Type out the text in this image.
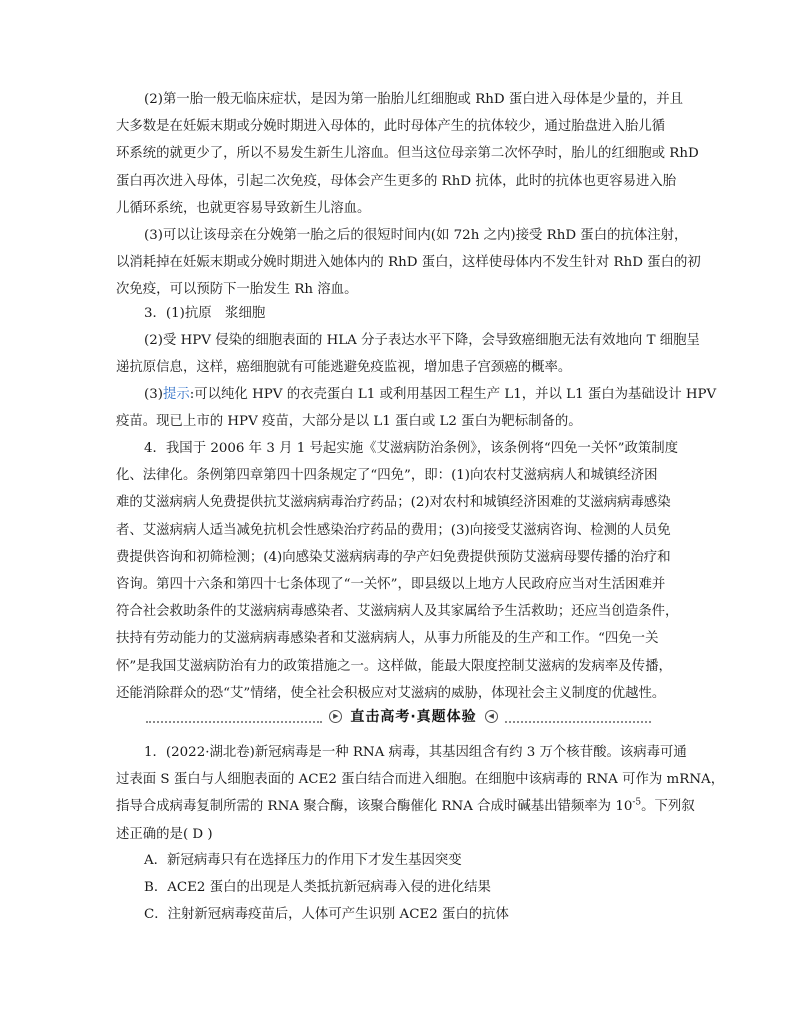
(2)第一胎一般无临床症状，是因为第一胎胎儿红细胞或 RhD 蛋白进入母体是少量的，并且
大多数是在妊娠末期或分娩时期进入母体的，此时母体产生的抗体较少，通过胎盘进入胎儿循
环系统的就更少了，所以不易发生新生儿溶血。但当这位母亲第二次怀孕时，胎儿的红细胞或 RhD
蛋白再次进入母体，引起二次免疫，母体会产生更多的 RhD 抗体，此时的抗体也更容易进入胎
儿循环系统，也就更容易导致新生儿溶血。

(3)可以让该母亲在分娩第一胎之后的很短时间内(如 72h 之内)接受 RhD 蛋白的抗体注射，
以消耗掉在妊娠末期或分娩时期进入她体内的 RhD 蛋白，这样使母体内不发生针对 RhD 蛋白的初
次免疫，可以预防下一胎发生 Rh 溶血。

3．(1)抗原　浆细胞

(2)受 HPV 侵染的细胞表面的 HLA 分子表达水平下降，会导致癌细胞无法有效地向 T 细胞呈
递抗原信息，这样，癌细胞就有可能逃避免疫监视，增加患子宫颈癌的概率。

(3)提示:可以纯化 HPV 的衣壳蛋白 L1 或利用基因工程生产 L1，并以 L1 蛋白为基础设计 HPV
疫苗。现已上市的 HPV 疫苗，大部分是以 L1 蛋白或 L2 蛋白为靶标制备的。

4．我国于 2006 年 3 月 1 号起实施《艾滋病防治条例》，该条例将“四免一关怀”政策制度
化、法律化。条例第四章第四十四条规定了“四免”，即：(1)向农村艾滋病病人和城镇经济困
难的艾滋病病人免费提供抗艾滋病病毒治疗药品；(2)对农村和城镇经济困难的艾滋病病毒感染
者、艾滋病病人适当减免抗机会性感染治疗药品的费用；(3)向接受艾滋病咨询、检测的人员免
费提供咨询和初筛检测；(4)向感染艾滋病病毒的孕产妇免费提供预防艾滋病母婴传播的治疗和
咨询。第四十六条和第四十七条体现了“一关怀”，即县级以上地方人民政府应当对生活困难并
符合社会救助条件的艾滋病病毒感染者、艾滋病病人及其家属给予生活救助；还应当创造条件，
扶持有劳动能力的艾滋病病毒感染者和艾滋病病人，从事力所能及的生产和工作。“四免一关
怀”是我国艾滋病防治有力的政策措施之一。这样做，能最大限度控制艾滋病的发病率及传播，
还能消除群众的恐“艾”情绪，使全社会积极应对艾滋病的威胁，体现社会主义制度的优越性。

▶ 直击高考·真题体验	◀

1．(2022·湖北卷)新冠病毒是一种 RNA 病毒，其基因组含有约 3 万个核苷酸。该病毒可通
过表面 S 蛋白与人细胞表面的 ACE2 蛋白结合而进入细胞。在细胞中该病毒的 RNA 可作为 mRNA，
指导合成病毒复制所需的 RNA 聚合酶，该聚合酶催化 RNA 合成时碱基出错频率为 $10^{-5}$。下列叙
述正确的是( D )

A．新冠病毒只有在选择压力的作用下才发生基因突变
B．ACE2 蛋白的出现是人类抵抗新冠病毒入侵的进化结果
C．注射新冠病毒疫苗后，人体可产生识别 ACE2 蛋白的抗体
